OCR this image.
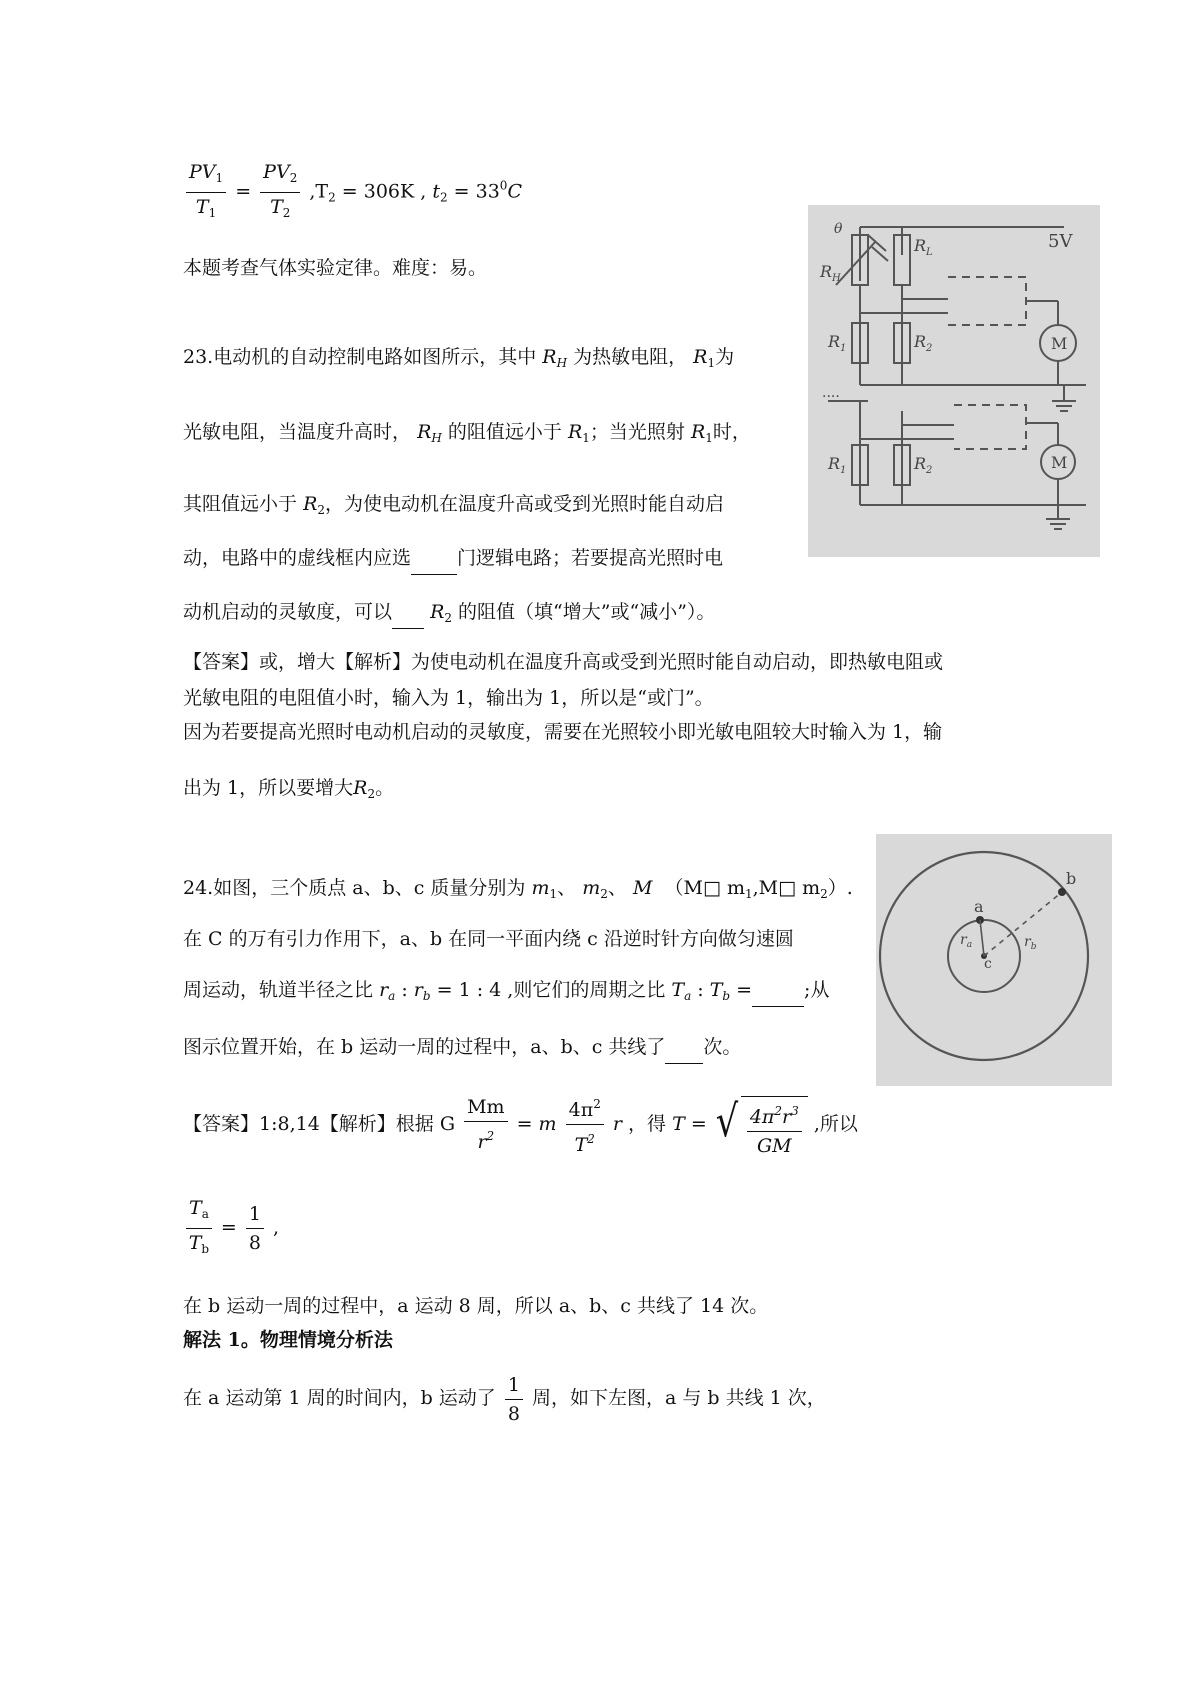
$\frac{PV_1}{T_1} = \frac{PV_2}{T_2} ,T_2 = 306K$ , $t_2 = 33^0C$
本题考查气体实验定律。难度：易。
23.电动机的自动控制电路如图所示，其中 $R_H$ 为热敏电阻， $R_1$为
光敏电阻，当温度升高时， $R_H$ 的阻值远小于 $R_1$；当光照射 $R_1$时，
其阻值远小于 $R_2$，为使电动机在温度升高或受到光照时能自动启
动，电路中的虚线框内应选 门逻辑电路；若要提高光照时电
动机启动的灵敏度，可以 $R_2$ 的阻值（填“增大”或“减小”）。
【答案】或，增大【解析】为使电动机在温度升高或受到光照时能自动启动，即热敏电阻或
光敏电阻的电阻值小时，输入为 1，输出为 1，所以是“或门”。
因为若要提高光照时电动机启动的灵敏度，需要在光照较小即光敏电阻较大时输入为 1，输
出为 1，所以要增大$R_2$。
5V
θ
$R_H$
$R_L$
$R_1$	$R_2$	M
$R_1$	$R_2$	M
····
24.如图，三个质点 a、b、c 质量分别为 $m_1$、 $m_2$、 M （M□ $m_1,M□$ $m_2$）.
在 C 的万有引力作用下，a、b 在同一平面内绕 c 沿逆时针方向做匀速圆
周运动，轨道半径之比 $r_a$ : $r_b = 1$ : 4 ,则它们的周期之比 $T_a$ : $T_b$ =	;从
图示位置开始，在 b 运动一周的过程中，a、b、c 共线了 次。
a
b
c
$r_a$	$r_b$
【答案】1:8,14【解析】根据 G $\frac{Mm}{r^2} = m \frac{4\pi^2}{T^2}$ r ，得 T = √ $\frac{4\pi^2r^3}{GM}$ ,所以
$\frac{T_a}{T_b} = \frac{1}{8}$ ,
在 b 运动一周的过程中，a 运动 8 周，所以 a、b、c 共线了 14 次。
解法 1。物理情境分析法
在 a 运动第 1 周的时间内，b 运动了 $\frac{1}{8}$ 周，如下左图，a 与 b 共线 1 次，
